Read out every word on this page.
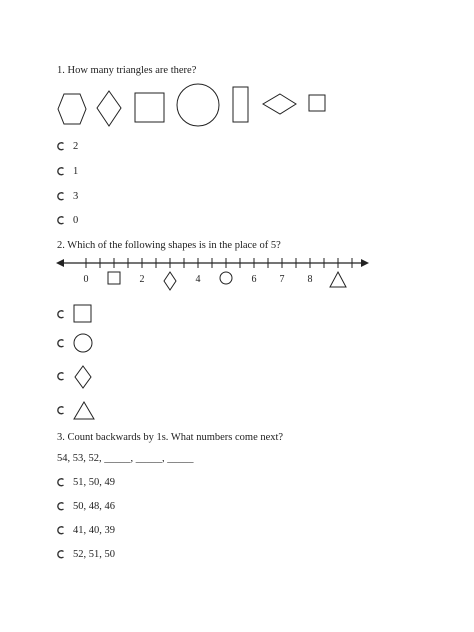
1. How many triangles are there?
2
1
3
0
2. Which of the following shapes is in the place of 5?
0	2	4	6 7 8
3. Count backwards by 1s. What numbers come next?
54, 53, 52, _____, _____, _____
51, 50, 49
50, 48, 46
41, 40, 39
52, 51, 50
